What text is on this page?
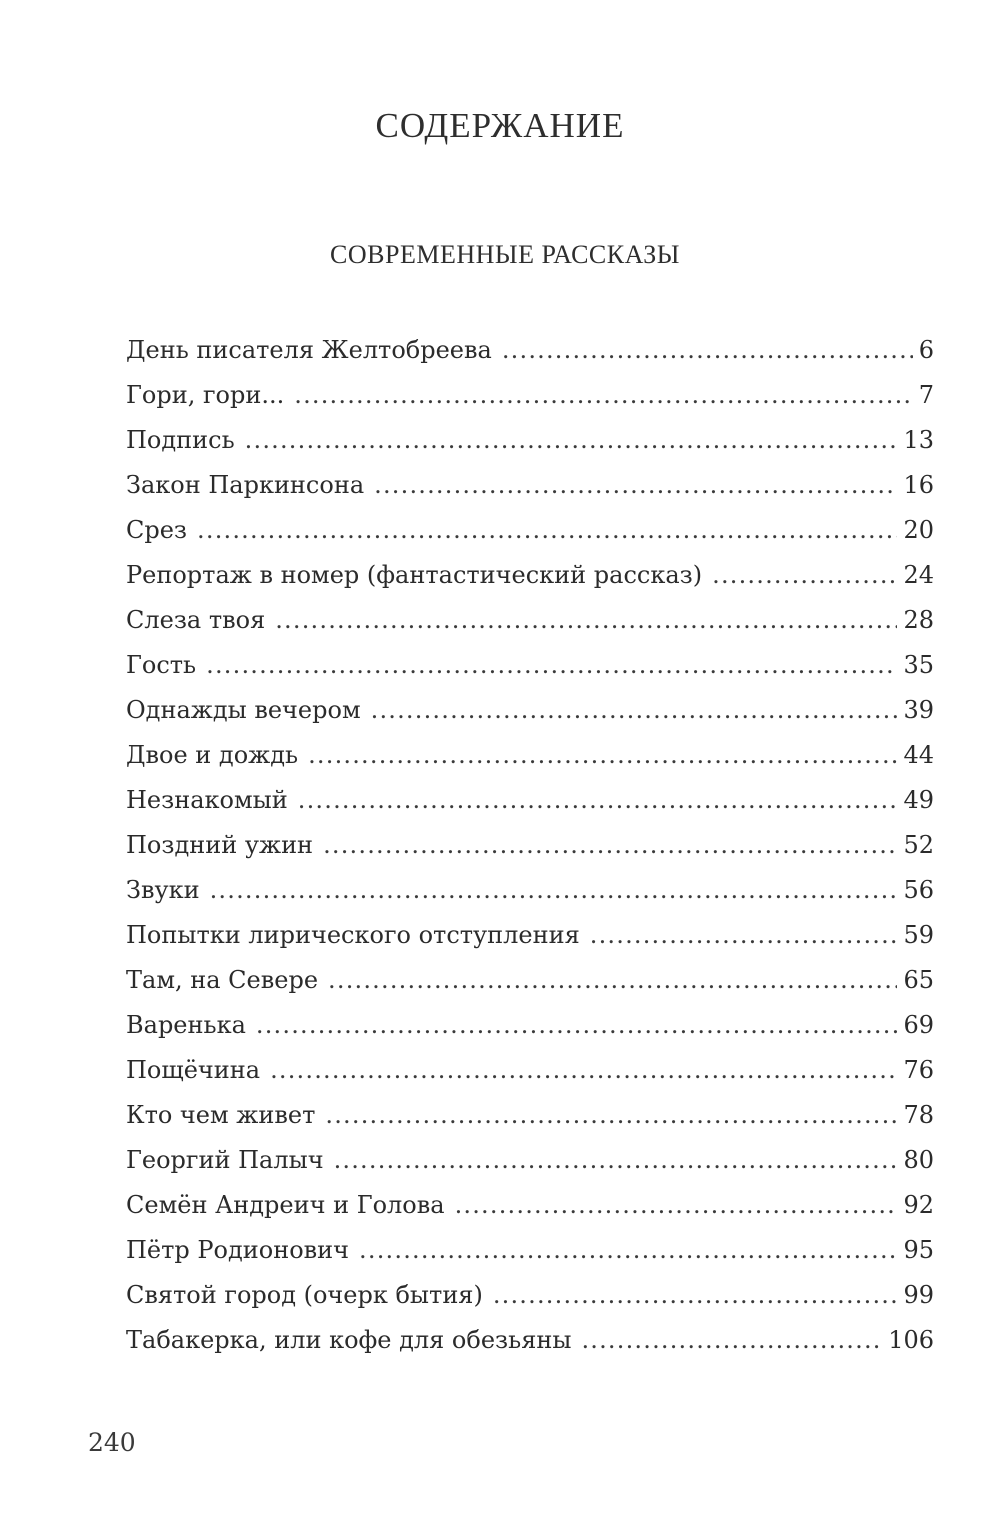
СОДЕРЖАНИЕ
СОВРЕМЕННЫЕ РАССКАЗЫ
День писателя Желтобреева .....	6
Гори, гори... .....	7
Подпись .....	13
Закон Паркинсона .....	16
Срез .....	20
Репортаж в номер (фантастический рассказ) .....	24
Слеза твоя .....	28
Гость .....	35
Однажды вечером .....	39
Двое и дождь .....	44
Незнакомый .....	49
Поздний ужин .....	52
Звуки .....	56
Попытки лирического отступления .....	59
Там, на Севере .....	65
Варенька .....	69
Пощёчина .....	76
Кто чем живет .....	78
Георгий Палыч .....	80
Семён Андреич и Голова .....	92
Пётр Родионович .....	95
Святой город (очерк бытия) .....	99
Табакерка, или кофе для обезьяны .....	106
240
